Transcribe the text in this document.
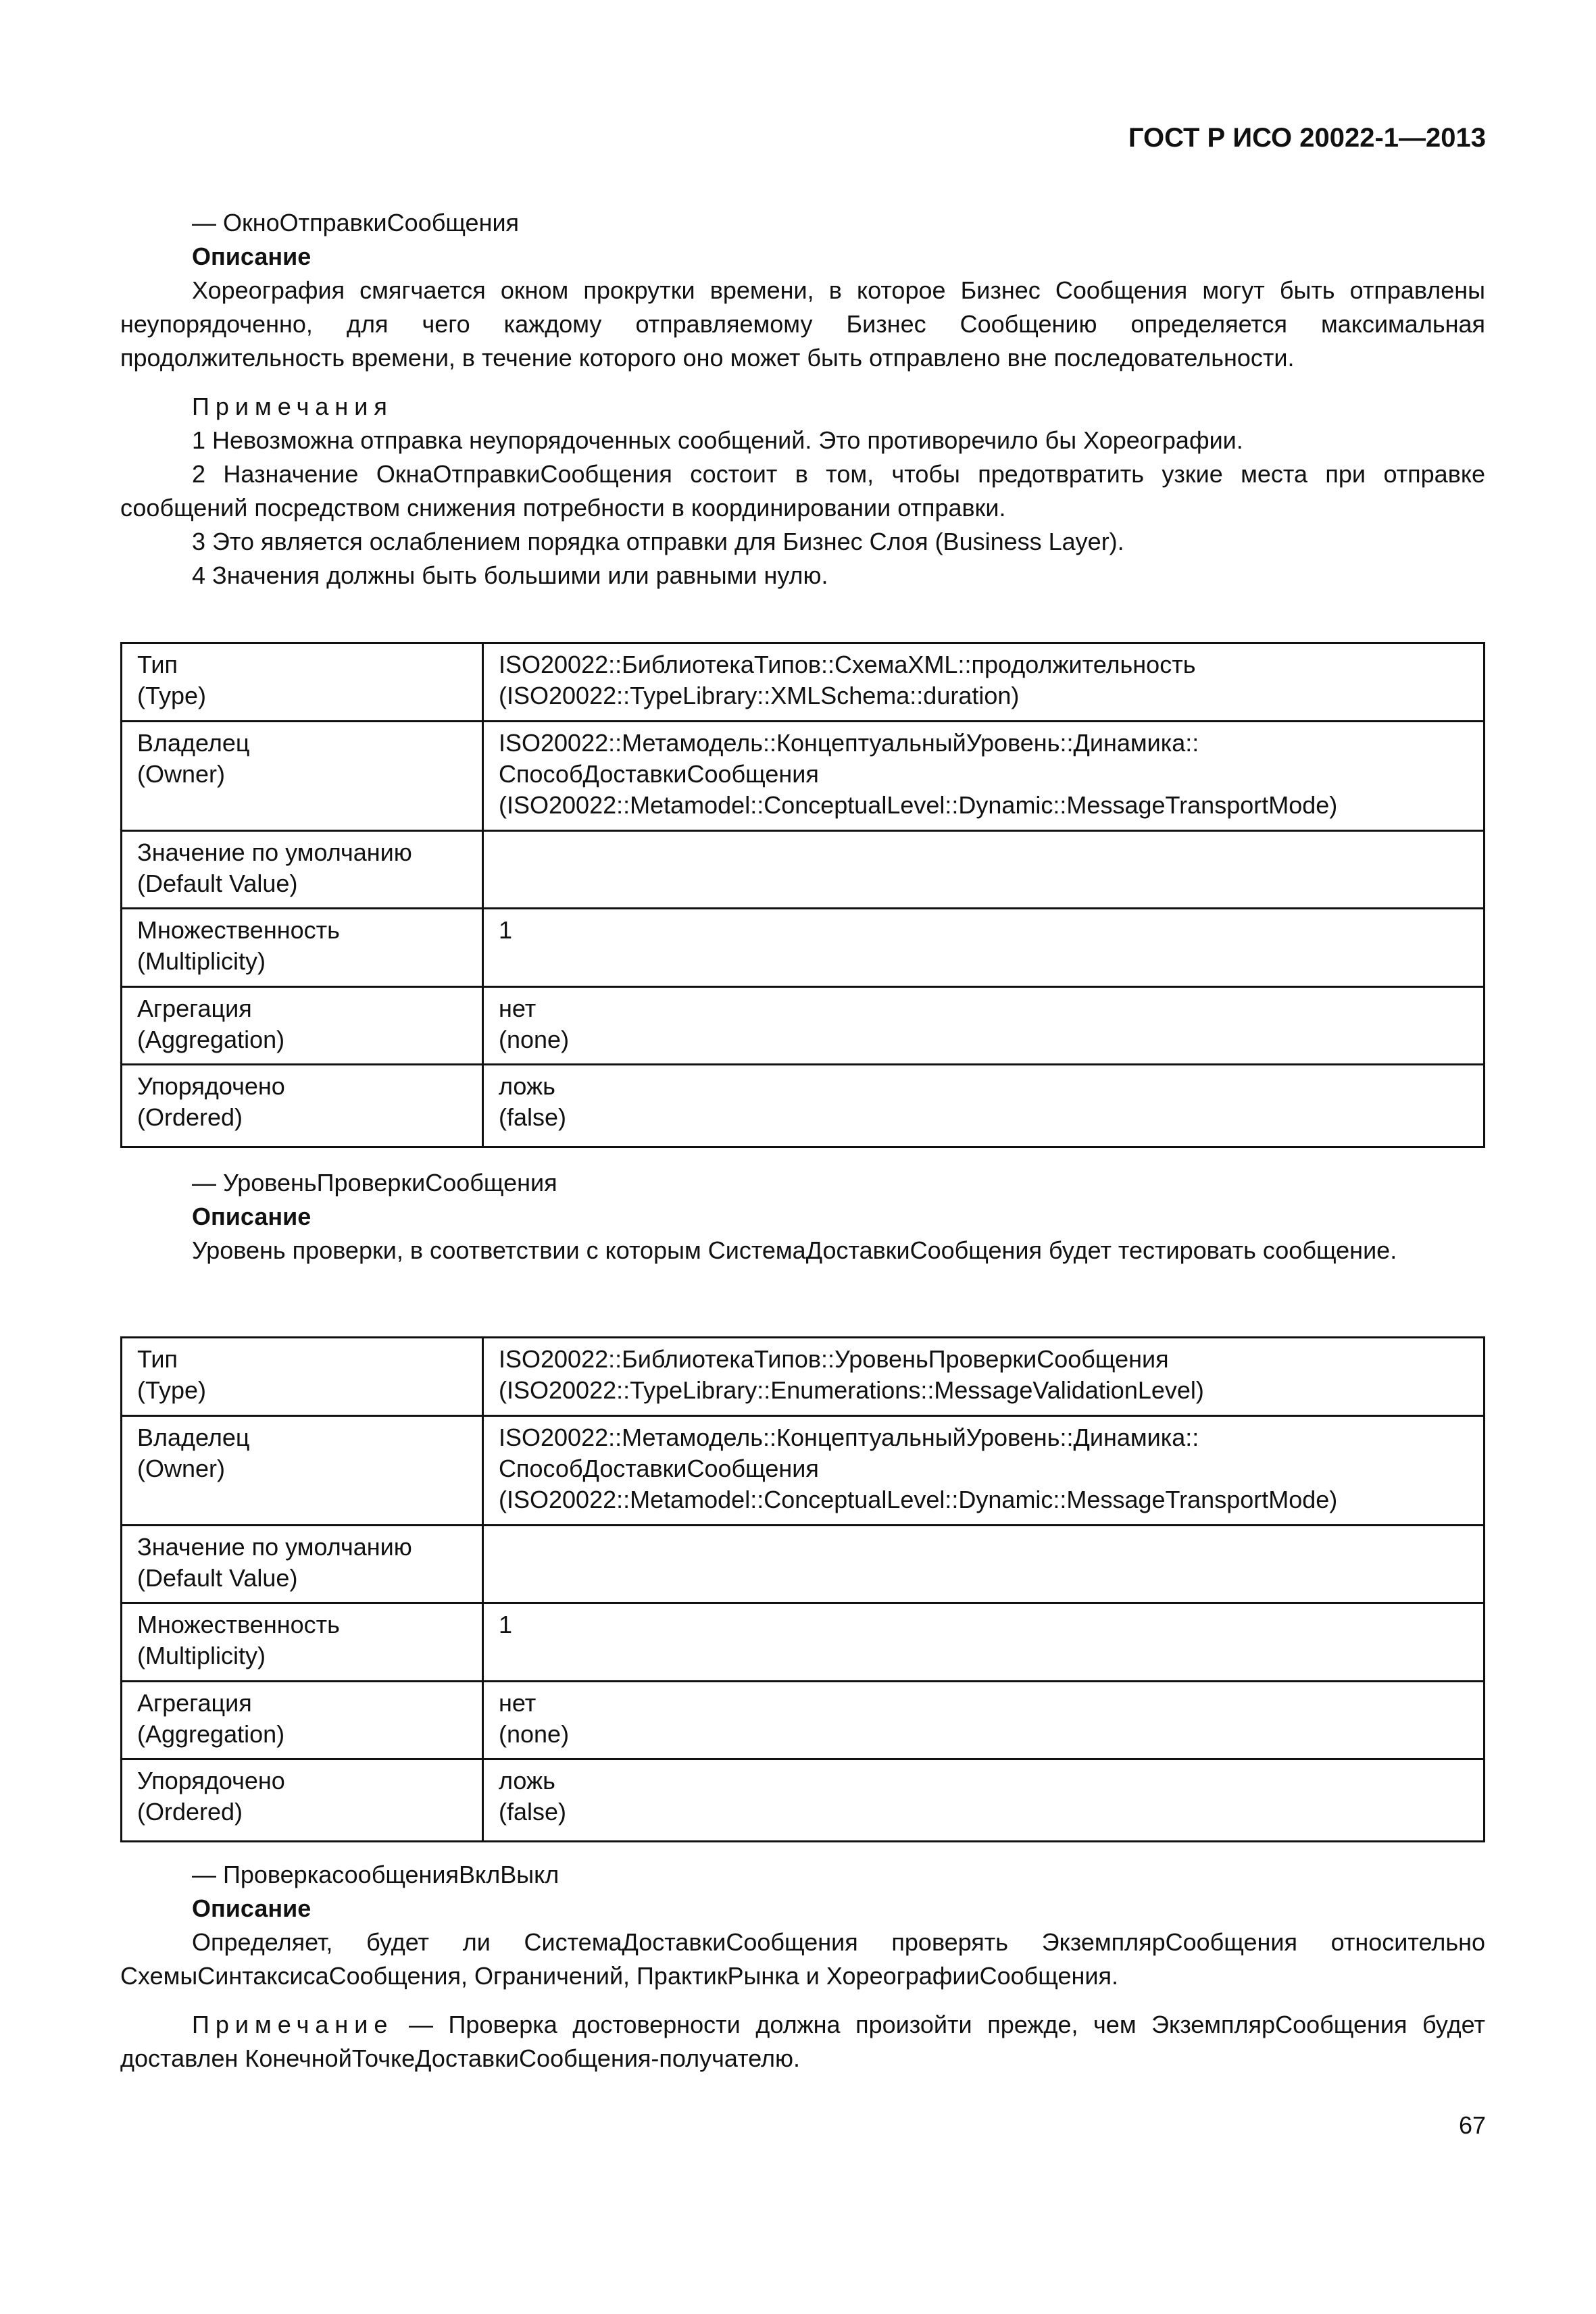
ГОСТ Р ИСО 20022-1—2013

— ОкноОтправкиСообщения

Описание

Хореография смягчается окном прокрутки времени, в которое Бизнес Сообщения могут быть отправлены неупорядоченно, для чего каждому отправляемому Бизнес Сообщению определяется максимальная продолжительность времени, в течение которого оно может быть отправлено вне последовательности.

Примечания

1 Невозможна отправка неупорядоченных сообщений. Это противоречило бы Хореографии.

2 Назначение ОкнаОтправкиСообщения состоит в том, чтобы предотвратить узкие места при отправке сообщений посредством снижения потребности в координировании отправки.

3 Это является ослаблением порядка отправки для Бизнес Слоя (Business Layer).

4 Значения должны быть большими или равными нулю.

Тип
(Type)	ISO20022::БиблиотекаТипов::СхемаXML::продолжительность
(ISO20022::TypeLibrary::XMLSchema::duration)

Владелец
(Owner)	ISO20022::Метамодель::КонцептуальныйУровень::Динамика::
СпособДоставкиСообщения
(ISO20022::Metamodel::ConceptualLevel::Dynamic::MessageTransportMode)

Значение по умолчанию
(Default Value)	

Множественность
(Multiplicity)	1

Агрегация
(Aggregation)	нет
(none)

Упорядочено
(Ordered)	ложь
(false)

— УровеньПроверкиСообщения

Описание

Уровень проверки, в соответствии с которым СистемаДоставкиСообщения будет тестировать сообщение.

Тип
(Type)	ISO20022::БиблиотекаТипов::УровеньПроверкиСообщения
(ISO20022::TypeLibrary::Enumerations::MessageValidationLevel)

Владелец
(Owner)	ISO20022::Метамодель::КонцептуальныйУровень::Динамика::
СпособДоставкиСообщения
(ISO20022::Metamodel::ConceptualLevel::Dynamic::MessageTransportMode)

Значение по умолчанию
(Default Value)	

Множественность
(Multiplicity)	1

Агрегация
(Aggregation)	нет
(none)

Упорядочено
(Ordered)	ложь
(false)

— ПроверкасообщенияВклВыкл

Описание

Определяет, будет ли СистемаДоставкиСообщения проверять ЭкземплярСообщения относительно СхемыСинтаксисаСообщения, Ограничений, ПрактикРынка и ХореографииСообщения.

Примечание — Проверка достоверности должна произойти прежде, чем ЭкземплярСообщения будет доставлен КонечнойТочкеДоставкиСообщения-получателю.

67
